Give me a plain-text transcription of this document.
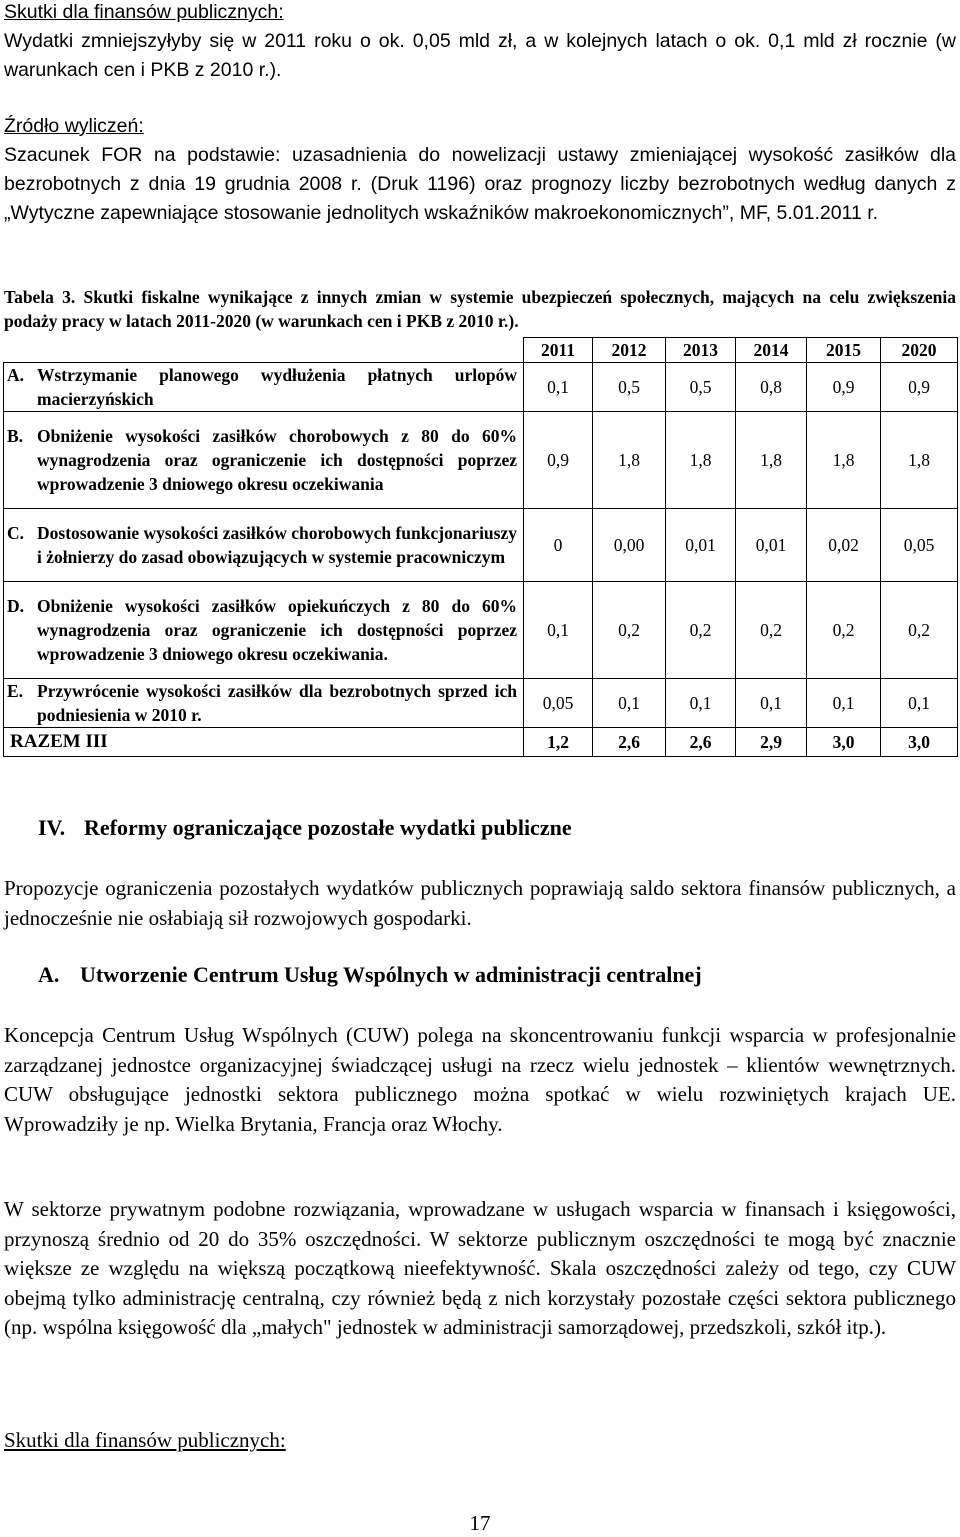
Skutki dla finansów publicznych:

Wydatki zmniejszyłyby się w 2011 roku o ok. 0,05 mld zł, a w kolejnych latach o ok. 0,1 mld zł rocznie (w warunkach cen i PKB z 2010 r.).

Źródło wyliczeń:

Szacunek FOR na podstawie: uzasadnienia do nowelizacji ustawy zmieniającej wysokość zasiłków dla bezrobotnych z dnia 19 grudnia 2008 r. (Druk 1196) oraz prognozy liczby bezrobotnych według danych z „Wytyczne zapewniające stosowanie jednolitych wskaźników makroekonomicznych”, MF, 5.01.2011 r.

Tabela 3. Skutki fiskalne wynikające z innych zmian w systemie ubezpieczeń społecznych, mających na celu zwiększenia podaży pracy w latach 2011-2020 (w warunkach cen i PKB z 2010 r.).
	2011	2012	2013	2014	2015	2020

A. Wstrzymanie planowego wydłużenia płatnych urlopów macierzyńskich	0,1	0,5	0,5	0,8	0,9	0,9

B. Obniżenie wysokości zasiłków chorobowych z 80 do 60% wynagrodzenia oraz ograniczenie ich dostępności poprzez wprowadzenie 3 dniowego okresu oczekiwania	0,9	1,8	1,8	1,8	1,8	1,8

C. Dostosowanie wysokości zasiłków chorobowych funkcjonariuszy i żołnierzy do zasad obowiązujących w systemie pracowniczym	0	0,00	0,01	0,01	0,02	0,05

D. Obniżenie wysokości zasiłków opiekuńczych z 80 do 60% wynagrodzenia oraz ograniczenie ich dostępności poprzez wprowadzenie 3 dniowego okresu oczekiwania.	0,1	0,2	0,2	0,2	0,2	0,2

E. Przywrócenie wysokości zasiłków dla bezrobotnych sprzed ich podniesienia w 2010 r.	0,05	0,1	0,1	0,1	0,1	0,1
RAZEM III	1,2	2,6	2,6	2,9	3,0	3,0
IV. Reformy ograniczające pozostałe wydatki publiczne

Propozycje ograniczenia pozostałych wydatków publicznych poprawiają saldo sektora finansów publicznych, a jednocześnie nie osłabiają sił rozwojowych gospodarki.

A. Utworzenie Centrum Usług Wspólnych w administracji centralnej

Koncepcja Centrum Usług Wspólnych (CUW) polega na skoncentrowaniu funkcji wsparcia w profesjonalnie zarządzanej jednostce organizacyjnej świadczącej usługi na rzecz wielu jednostek – klientów wewnętrznych. CUW obsługujące jednostki sektora publicznego można spotkać w wielu rozwiniętych krajach UE. Wprowadziły je np. Wielka Brytania, Francja oraz Włochy.

W sektorze prywatnym podobne rozwiązania, wprowadzane w usługach wsparcia w finansach i księgowości, przynoszą średnio od 20 do 35% oszczędności. W sektorze publicznym oszczędności te mogą być znacznie większe ze względu na większą początkową nieefektywność. Skala oszczędności zależy od tego, czy CUW obejmą tylko administrację centralną, czy również będą z nich korzystały pozostałe części sektora publicznego (np. wspólna księgowość dla „małych" jednostek w administracji samorządowej, przedszkoli, szkół itp.).

Skutki dla finansów publicznych:

17
